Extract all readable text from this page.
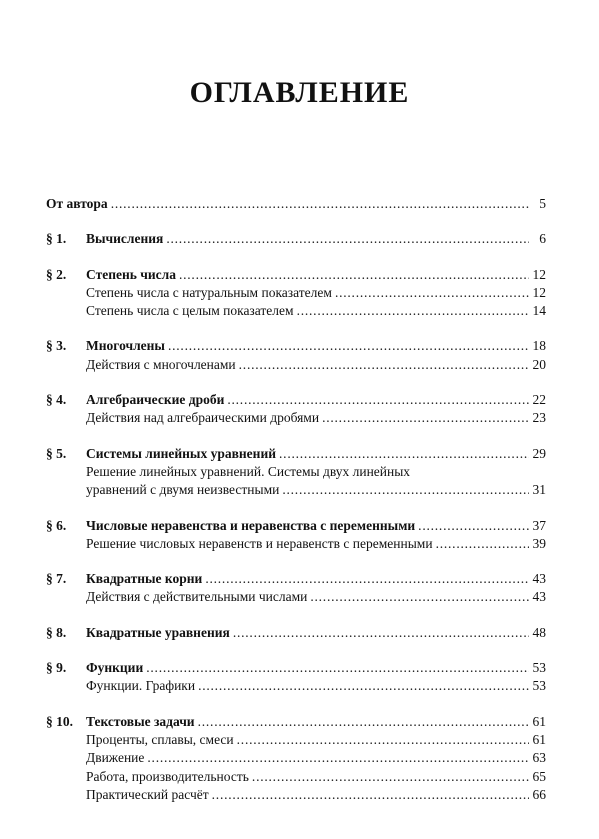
ОГЛАВЛЕНИЕ
От автора . . .	5
§ 1.	Вычисления . . .	6
§ 2.	Степень числа . . .	12
Степень числа с натуральным показателем . . .	12
Степень числа с целым показателем . . .	14
§ 3.	Многочлены . . .	18
Действия с многочленами . . .	20
§ 4.	Алгебраические дроби . . .	22
Действия над алгебраическими дробями . . .	23
§ 5.	Системы линейных уравнений . . .	29
Решение линейных уравнений. Системы двух линейных
уравнений с двумя неизвестными . . .	31
§ 6.	Числовые неравенства и неравенства с переменными . . .	37
Решение числовых неравенств и неравенств с переменными . . .	39
§ 7.	Квадратные корни . . .	43
Действия с действительными числами . . .	43
§ 8.	Квадратные уравнения . . .	48
§ 9.	Функции . . .	53
Функции. Графики . . .	53
§ 10. Текстовые задачи . . .	61
Проценты, сплавы, смеси . . .	61
Движение . . .	63
Работа, производительность . . .	65
Практический расчёт . . .	66
